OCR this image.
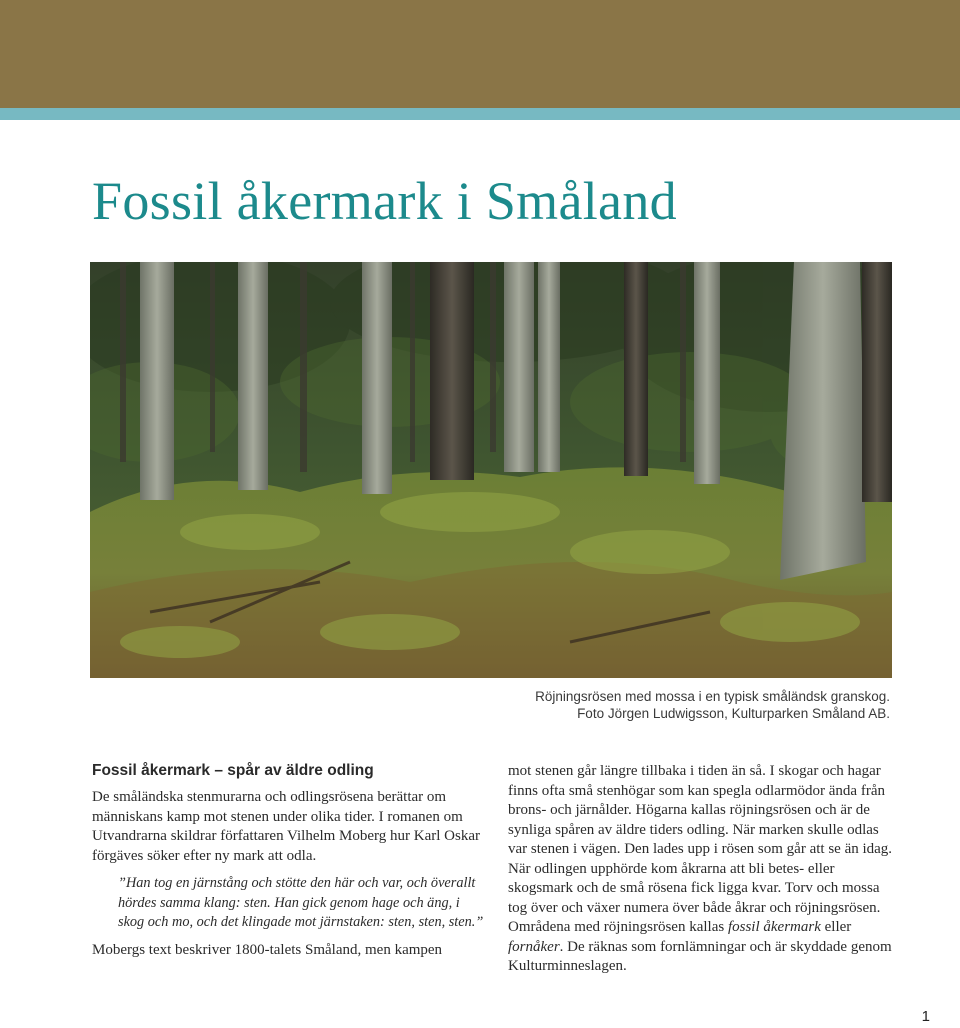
Fossil åkermark i Småland
Röjningsrösen med mossa i en typisk småländsk granskog.
Foto Jörgen Ludwigsson, Kulturparken Småland AB.
Fossil åkermark – spår av äldre odling

De småländska stenmurarna och odlingsrösena berättar om människans kamp mot stenen under olika tider. I romanen om Utvandrarna skildrar författaren Vilhelm Moberg hur Karl Oskar förgäves söker efter ny mark att odla.

”Han tog en järnstång och stötte den här och var, och överallt hördes samma klang: sten. Han gick genom hage och äng, i skog och mo, och det klingade mot järnstaken: sten, sten, sten.”

Mobergs text beskriver 1800-talets Småland, men kampen

mot stenen går längre tillbaka i tiden än så. I skogar och hagar finns ofta små stenhögar som kan spegla odlarmödor ända från brons- och järnålder. Högarna kallas röjningsrösen och är de synliga spåren av äldre tiders odling. När marken skulle odlas var stenen i vägen. Den lades upp i rösen som går att se än idag. När odlingen upphörde kom åkrarna att bli betes- eller skogsmark och de små rösena fick ligga kvar. Torv och mossa tog över och växer numera över både åkrar och röjningsrösen. Områdena med röjningsrösen kallas fossil åkermark eller fornåker. De räknas som fornlämningar och är skyddade genom Kulturminneslagen.

1
